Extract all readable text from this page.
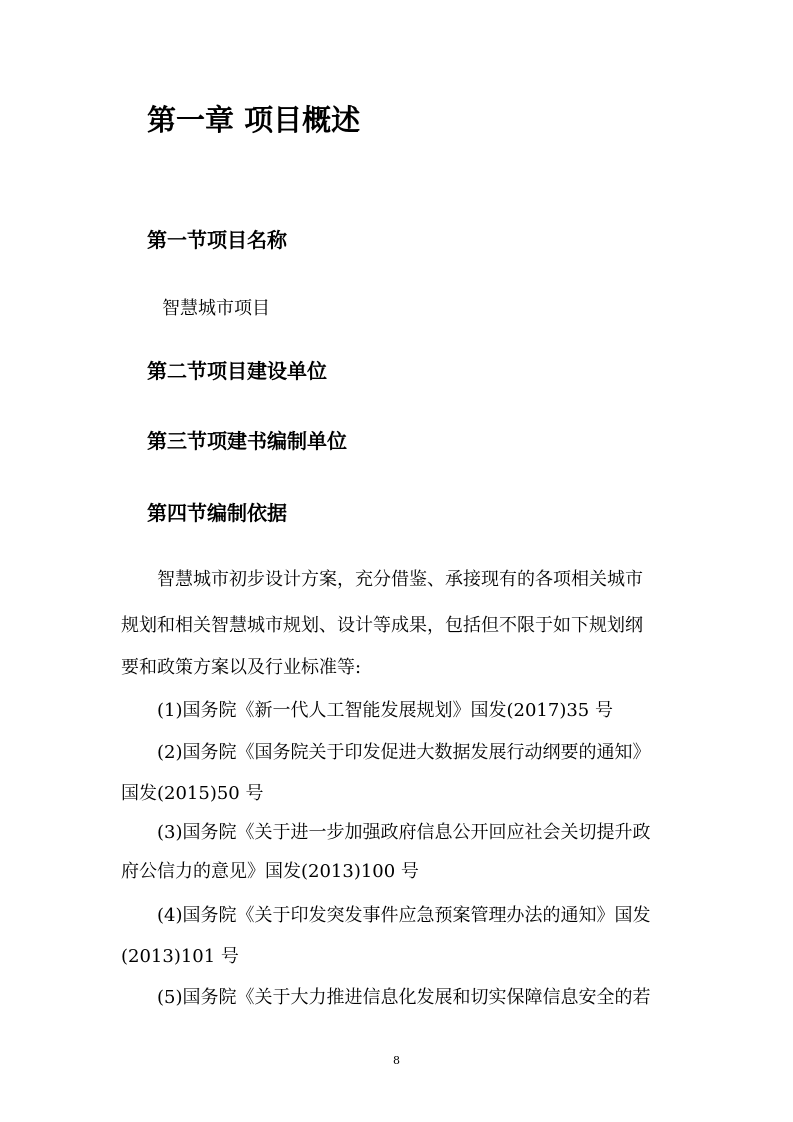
第一章 项目概述
第一节项目名称
智慧城市项目
第二节项目建设单位
第三节项建书编制单位
第四节编制依据
智慧城市初步设计方案，充分借鉴、承接现有的各项相关城市
规划和相关智慧城市规划、设计等成果，包括但不限于如下规划纲
要和政策方案以及行业标准等:
(1)国务院《新一代人工智能发展规划》国发(2017)35 号
(2)国务院《国务院关于印发促进大数据发展行动纲要的通知》
国发(2015)50 号
(3)国务院《关于进一步加强政府信息公开回应社会关切提升政
府公信力的意见》国发(2013)100 号
(4)国务院《关于印发突发事件应急预案管理办法的通知》国发
(2013)101 号
(5)国务院《关于大力推进信息化发展和切实保障信息安全的若
8
